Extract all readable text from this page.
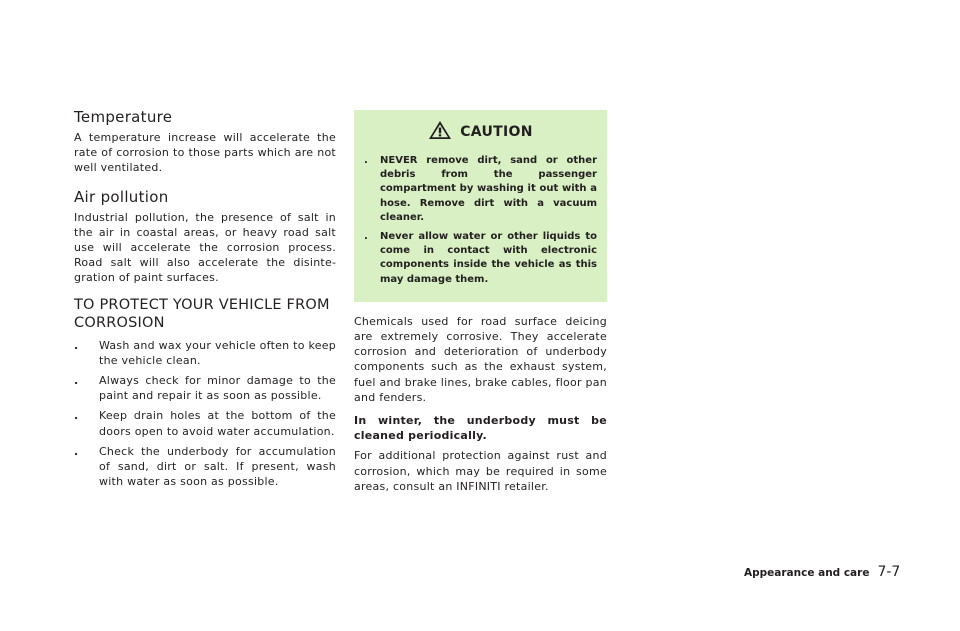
Temperature

A temperature increase will accelerate the rate of corrosion to those parts which are not well ventilated.

Air pollution

Industrial pollution, the presence of salt in the air in coastal areas, or heavy road salt use will accelerate the corrosion process. Road salt will also accelerate the disintegration of paint surfaces.

TO PROTECT YOUR VEHICLE FROM CORROSION
. Wash and wax your vehicle often to keep the vehicle clean.
. Always check for minor damage to the paint and repair it as soon as possible.
. Keep drain holes at the bottom of the doors open to avoid water accumulation.
. Check the underbody for accumulation of sand, dirt or salt. If present, wash with water as soon as possible.
CAUTION
. NEVER remove dirt, sand or other debris from the passenger compartment by washing it out with a hose. Remove dirt with a vacuum cleaner.
. Never allow water or other liquids to come in contact with electronic components inside the vehicle as this may damage them.

Chemicals used for road surface deicing are extremely corrosive. They accelerate corrosion and deterioration of underbody components such as the exhaust system, fuel and brake lines, brake cables, floor pan and fenders.

In winter, the underbody must be cleaned periodically.

For additional protection against rust and corrosion, which may be required in some areas, consult an INFINITI retailer.

Appearance and care 7-7
